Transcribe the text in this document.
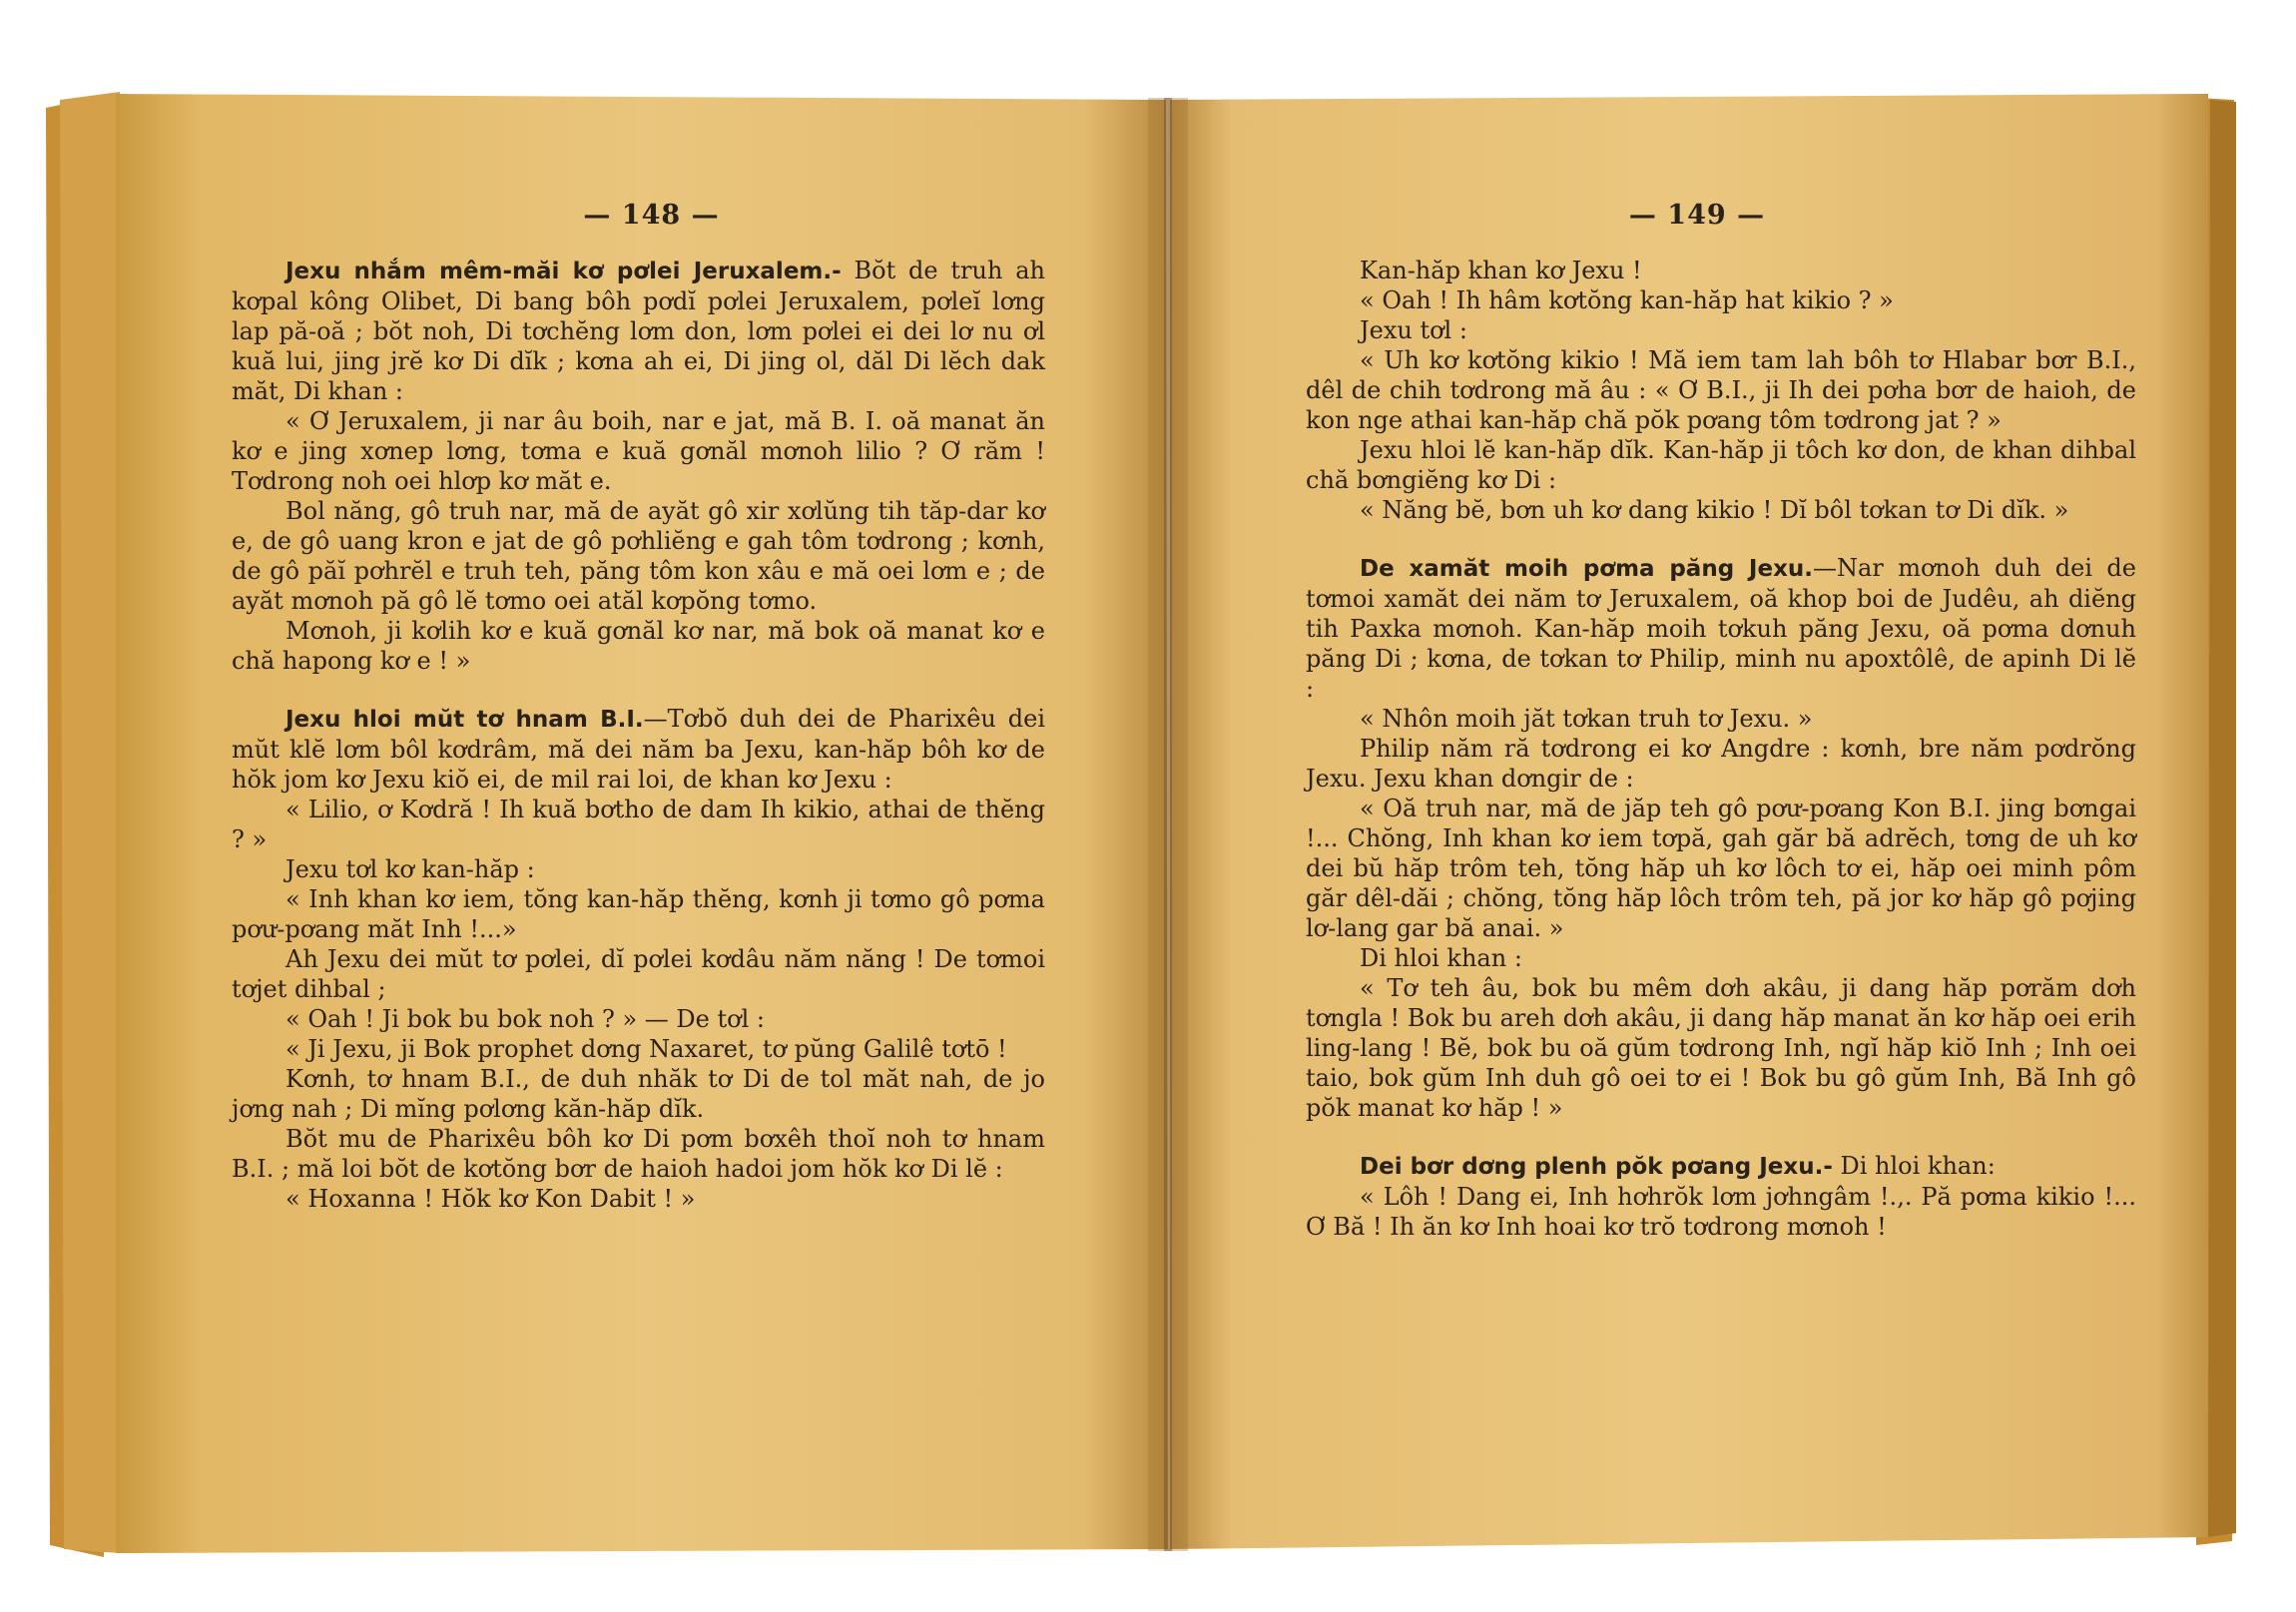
— 148 —

Jexu nhắm mêm-măi kơ pơlei Jeruxalem.- Bŏt de truh ah kơpal kông Olibet, Di bang bôh pơdĭ pơlei Jeruxalem, pơleĭ lơng lap pă-oă ; bŏt noh, Di tơchĕng lơm don, lơm pơlei ei dei lơ nu ơl kuă lui, jing jrĕ kơ Di dĭk ; kơna ah ei, Di jing ol, dăl Di lĕch dak măt, Di khan :

« Ơ Jeruxalem, ji nar âu boih, nar e jat, mă B. I. oă manat ăn kơ e jing xơnep lơng, tơma e kuă gơnăl mơnoh lilio ? Ơ răm ! Tơdrong noh oei hlơp kơ măt e.

Bol năng, gô truh nar, mă de ayăt gô xir xơlŭng tih tăp-dar kơ e, de gô uang kron e jat de gô pơhliĕng e gah tôm tơdrong ; kơnh, de gô păĭ pơhrĕl e truh teh, păng tôm kon xâu e mă oei lơm e ; de ayăt mơnoh pă gô lĕ tơmo oei atăl kơpŏng tơmo.

Mơnoh, ji kơlih kơ e kuă gơnăl kơ nar, mă bok oă manat kơ e chă hapong kơ e ! »

Jexu hloi mŭt tơ hnam B.I.—Tơbŏ duh dei de Pharixêu dei mŭt klĕ lơm bôl kơdrâm, mă dei năm ba Jexu, kan-hăp bôh kơ de hŏk jom kơ Jexu kiŏ ei, de mil rai loi, de khan kơ Jexu :

« Lilio, ơ Kơdră ! Ih kuă bơtho de dam Ih kikio, athai de thĕng ? »

Jexu tơl kơ kan-hăp :

« Inh khan kơ iem, tŏng kan-hăp thĕng, kơnh ji tơmo gô pơma pơư-pơang măt Inh !...»

Ah Jexu dei mŭt tơ pơlei, dĭ pơlei kơdâu năm năng ! De tơmoi tơjet dihbal ;

« Oah ! Ji bok bu bok noh ? » — De tơl :

« Ji Jexu, ji Bok prophet dơng Naxaret, tơ pŭng Galilê tơtō !

Kơnh, tơ hnam B.I., de duh nhăk tơ Di de tol măt nah, de jo jơng nah ; Di mĭng pơlơng kăn-hăp dĭk.

Bŏt mu de Pharixêu bôh kơ Di pơm bơxêh thoĭ noh tơ hnam B.I. ; mă loi bŏt de kơtŏng bơr de haioh hadoi jom hŏk kơ Di lĕ :

« Hoxanna ! Hŏk kơ Kon Dabit ! »

— 149 —

Kan-hăp khan kơ Jexu !

« Oah ! Ih hâm kơtŏng kan-hăp hat kikio ? »

Jexu tơl :

« Uh kơ kơtŏng kikio ! Mă iem tam lah bôh tơ Hlabar bơr B.I., dêl de chih tơdrong mă âu : « Ơ B.I., ji Ih dei pơha bơr de haioh, de kon nge athai kan-hăp chă pŏk pơang tôm tơdrong jat ? »

Jexu hloi lĕ kan-hăp dĭk. Kan-hăp ji tôch kơ don, de khan dihbal chă bơngiĕng kơ Di :

« Năng bĕ, bơn uh kơ dang kikio ! Dĭ bôl tơkan tơ Di dĭk. »

De xamăt moih pơma păng Jexu.—Nar mơnoh duh dei de tơmoi xamăt dei năm tơ Jeruxalem, oă khop boi de Judêu, ah diĕng tih Paxka mơnoh. Kan-hăp moih tơkuh păng Jexu, oă pơma dơnuh păng Di ; kơna, de tơkan tơ Philip, minh nu apoxtôlê, de apinh Di lĕ :

« Nhôn moih jăt tơkan truh tơ Jexu. »

Philip năm ră tơdrong ei kơ Angdre : kơnh, bre năm pơdrŏng Jexu. Jexu khan dơngir de :

« Oă truh nar, mă de jăp teh gô pơư-pơang Kon B.I. jing bơngai !... Chŏng, Inh khan kơ iem tơpă, gah găr bă adrĕch, tơng de uh kơ dei bŭ hăp trôm teh, tŏng hăp uh kơ lôch tơ ei, hăp oei minh pôm găr dêl-dăi ; chŏng, tŏng hăp lôch trôm teh, pă jor kơ hăp gô pơjing lơ-lang gar bă anai. »

Di hloi khan :

« Tơ teh âu, bok bu mêm dơh akâu, ji dang hăp pơrăm dơh tơngla ! Bok bu areh dơh akâu, ji dang hăp manat ăn kơ hăp oei erih ling-lang ! Bĕ, bok bu oă gŭm tơdrong Inh, ngĭ hăp kiŏ Inh ; Inh oei taio, bok gŭm Inh duh gô oei tơ ei ! Bok bu gô gŭm Inh, Bă Inh gô pŏk manat kơ hăp ! »

Dei bơr dơng plenh pŏk pơang Jexu.- Di hloi khan:

« Lôh ! Dang ei, Inh hơhrŏk lơm jơhngâm !.,. Pă pơma kikio !... Ơ Bă ! Ih ăn kơ Inh hoai kơ trŏ tơdrong mơnoh !

IRASIA
